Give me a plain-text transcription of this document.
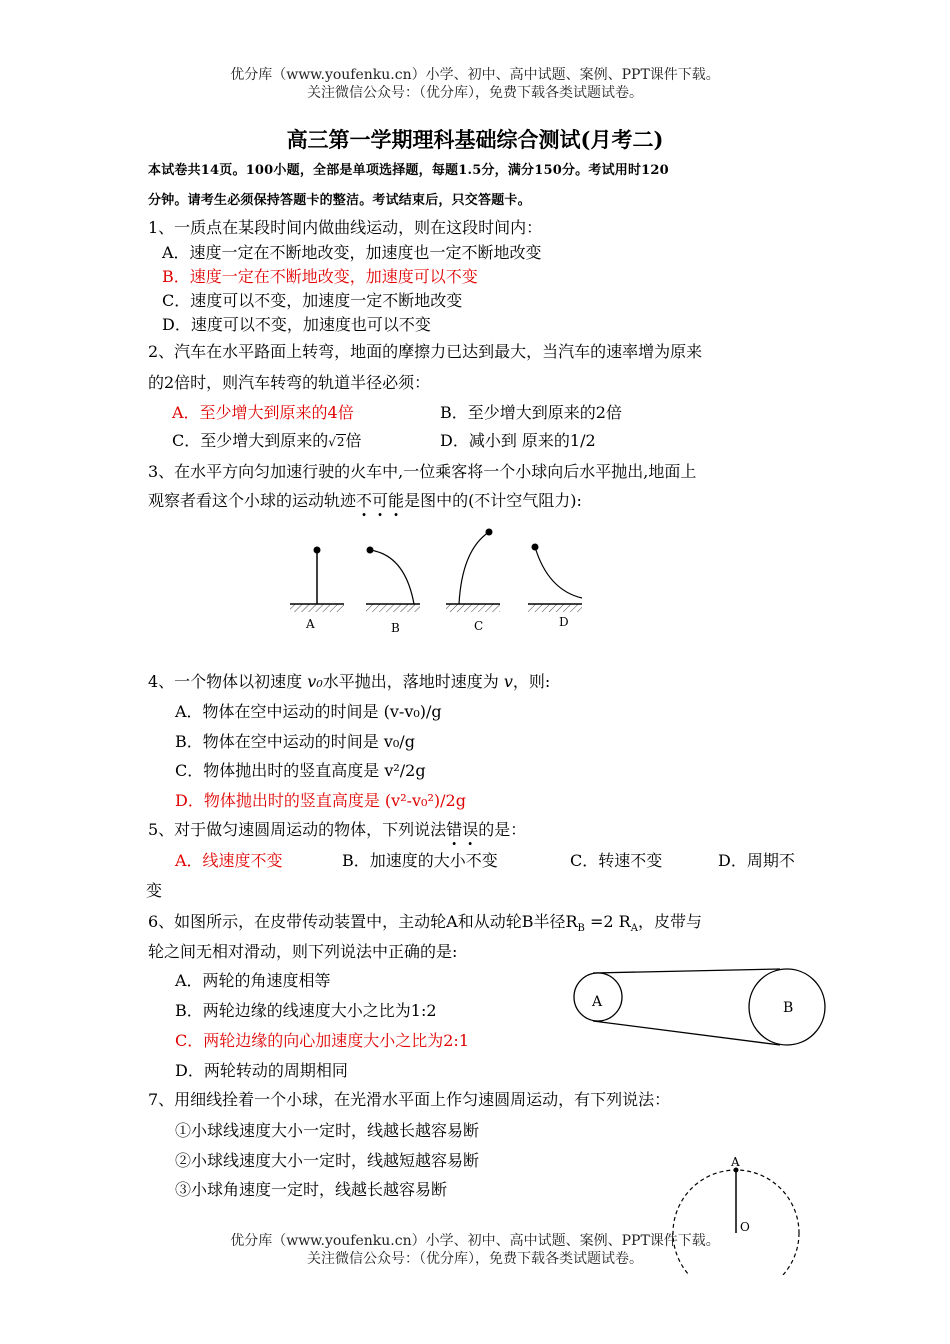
优分库（www.youfenku.cn）小学、初中、高中试题、案例、PPT课件下载。
关注微信公众号：（优分库），免费下载各类试题试卷。
高三第一学期理科基础综合测试(月考二)
本试卷共14页。100小题，全部是单项选择题，每题1.5分，满分150分。考试用时120
分钟。请考生必须保持答题卡的整洁。考试结束后，只交答题卡。
1、一质点在某段时间内做曲线运动，则在这段时间内：
A．速度一定在不断地改变，加速度也一定不断地改变
B．速度一定在不断地改变，加速度可以不变
C．速度可以不变，加速度一定不断地改变
D．速度可以不变，加速度也可以不变
2、汽车在水平路面上转弯，地面的摩擦力已达到最大，当汽车的速率增为原来
的2倍时，则汽车转弯的轨道半径必须：
A．至少增大到原来的4倍	B．至少增大到原来的2倍
C．至少增大到原来的√2倍	D．减小到 原来的1/2
3、在水平方向匀加速行驶的火车中,一位乘客将一个小球向后水平抛出,地面上
观察者看这个小球的运动轨迹不可能是图中的(不计空气阻力):
A	B	C	D
4、一个物体以初速度 v₀水平抛出，落地时速度为 v，则:
A．物体在空中运动的时间是 (v-v₀)/g
B．物体在空中运动的时间是 v₀/g
C．物体抛出时的竖直高度是 v²/2g
D．物体抛出时的竖直高度是 (v²-v₀²)/2g
5、对于做匀速圆周运动的物体，下列说法错误的是：
A．线速度不变	B．加速度的大小不变	C．转速不变	D．周期不
变
6、如图所示，在皮带传动装置中，主动轮A和从动轮B半径$R_B =2$ $R_A$，皮带与
轮之间无相对滑动，则下列说法中正确的是:
A．两轮的角速度相等
B．两轮边缘的线速度大小之比为1:2
C．两轮边缘的向心加速度大小之比为2:1
D．两轮转动的周期相同
A	B
7、用细线拴着一个小球，在光滑水平面上作匀速圆周运动，有下列说法：
①小球线速度大小一定时，线越长越容易断
②小球线速度大小一定时，线越短越容易断
③小球角速度一定时，线越长越容易断
A
O
优分库（www.youfenku.cn）小学、初中、高中试题、案例、PPT课件下载。
关注微信公众号：（优分库），免费下载各类试题试卷。
